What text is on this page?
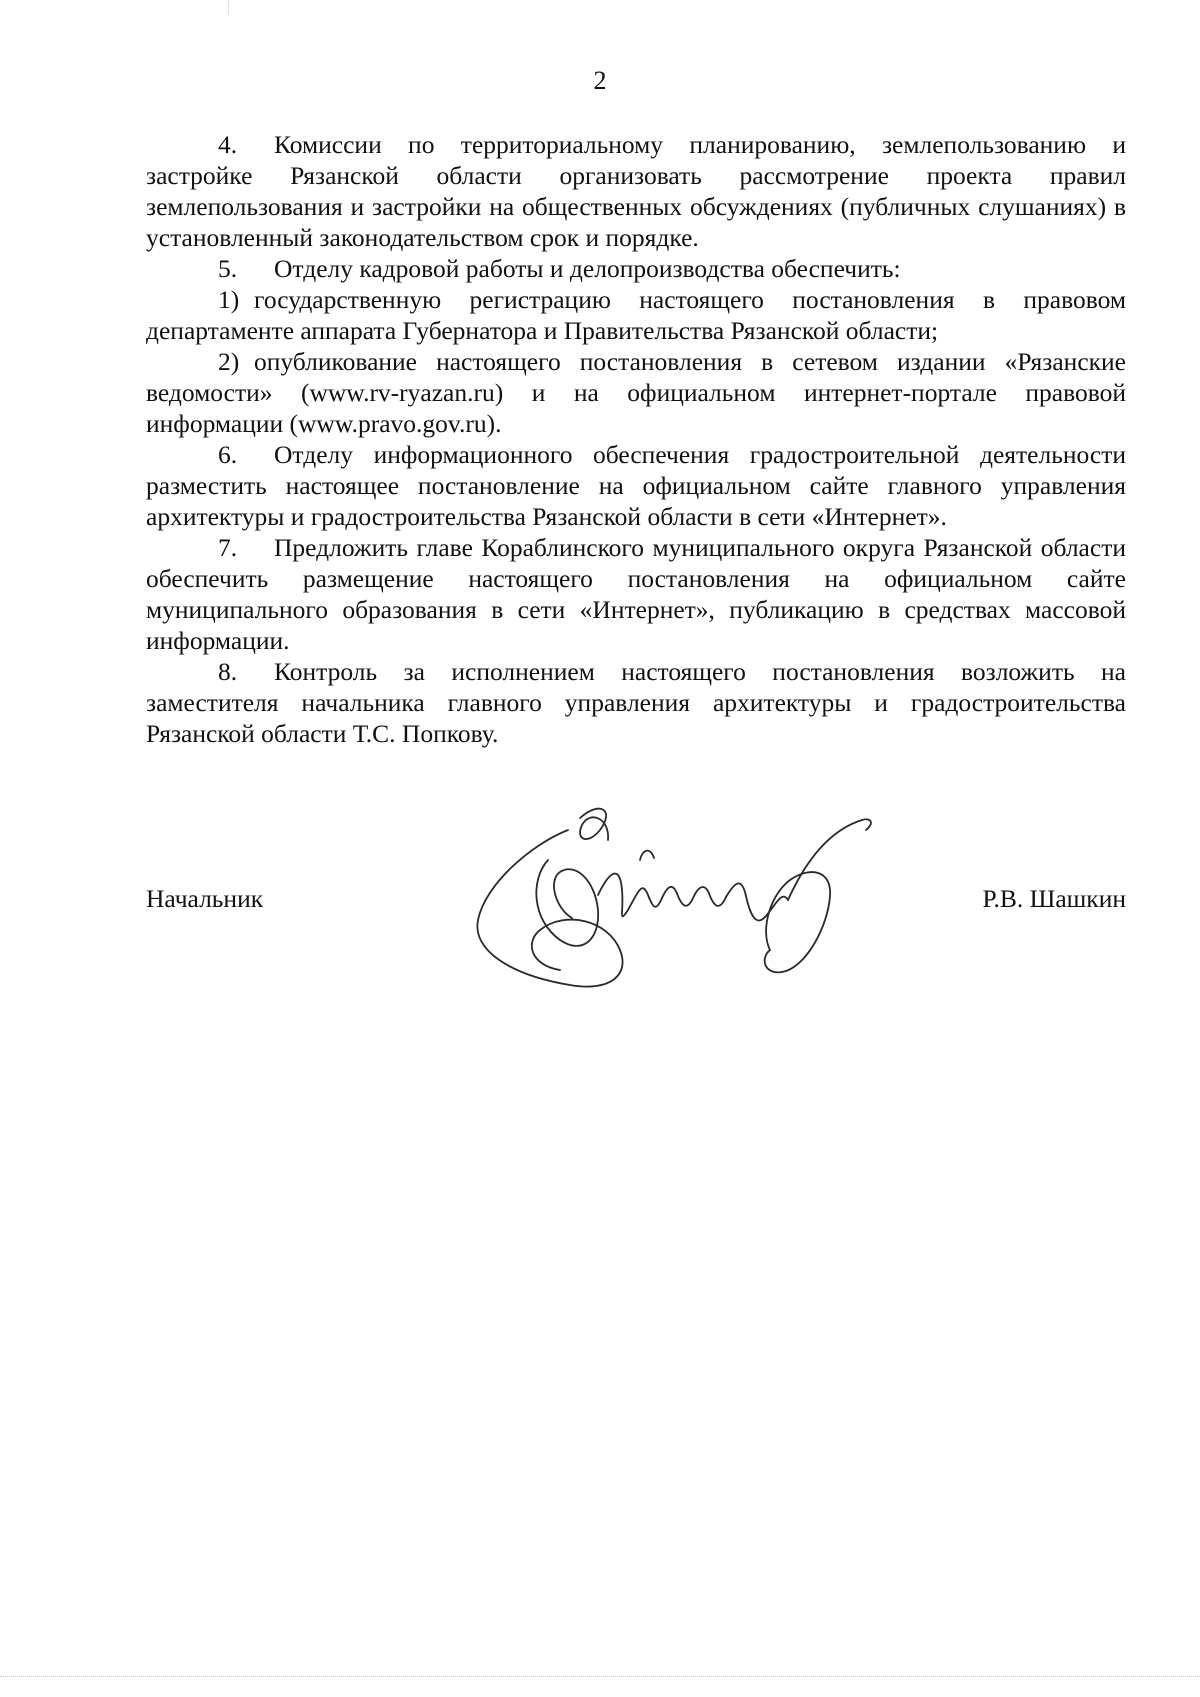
2

4. Комиссии по территориальному планированию, землепользованию и застройке Рязанской области организовать рассмотрение проекта правил землепользования и застройки на общественных обсуждениях (публичных слушаниях) в установленный законодательством срок и порядке.

5. Отделу кадровой работы и делопроизводства обеспечить:

1) государственную регистрацию настоящего постановления в правовом департаменте аппарата Губернатора и Правительства Рязанской области;

2) опубликование настоящего постановления в сетевом издании «Рязанские ведомости» (www.rv-ryazan.ru) и на официальном интернет-портале правовой информации (www.pravo.gov.ru).

6. Отделу информационного обеспечения градостроительной деятельности разместить настоящее постановление на официальном сайте главного управления архитектуры и градостроительства Рязанской области в сети «Интернет».

7. Предложить главе Кораблинского муниципального округа Рязанской области обеспечить размещение настоящего постановления на официальном сайте муниципального образования в сети «Интернет», публикацию в средствах массовой информации.

8. Контроль за исполнением настоящего постановления возложить на заместителя начальника главного управления архитектуры и градостроительства Рязанской области Т.С. Попкову.

Начальник	Р.В. Шашкин
